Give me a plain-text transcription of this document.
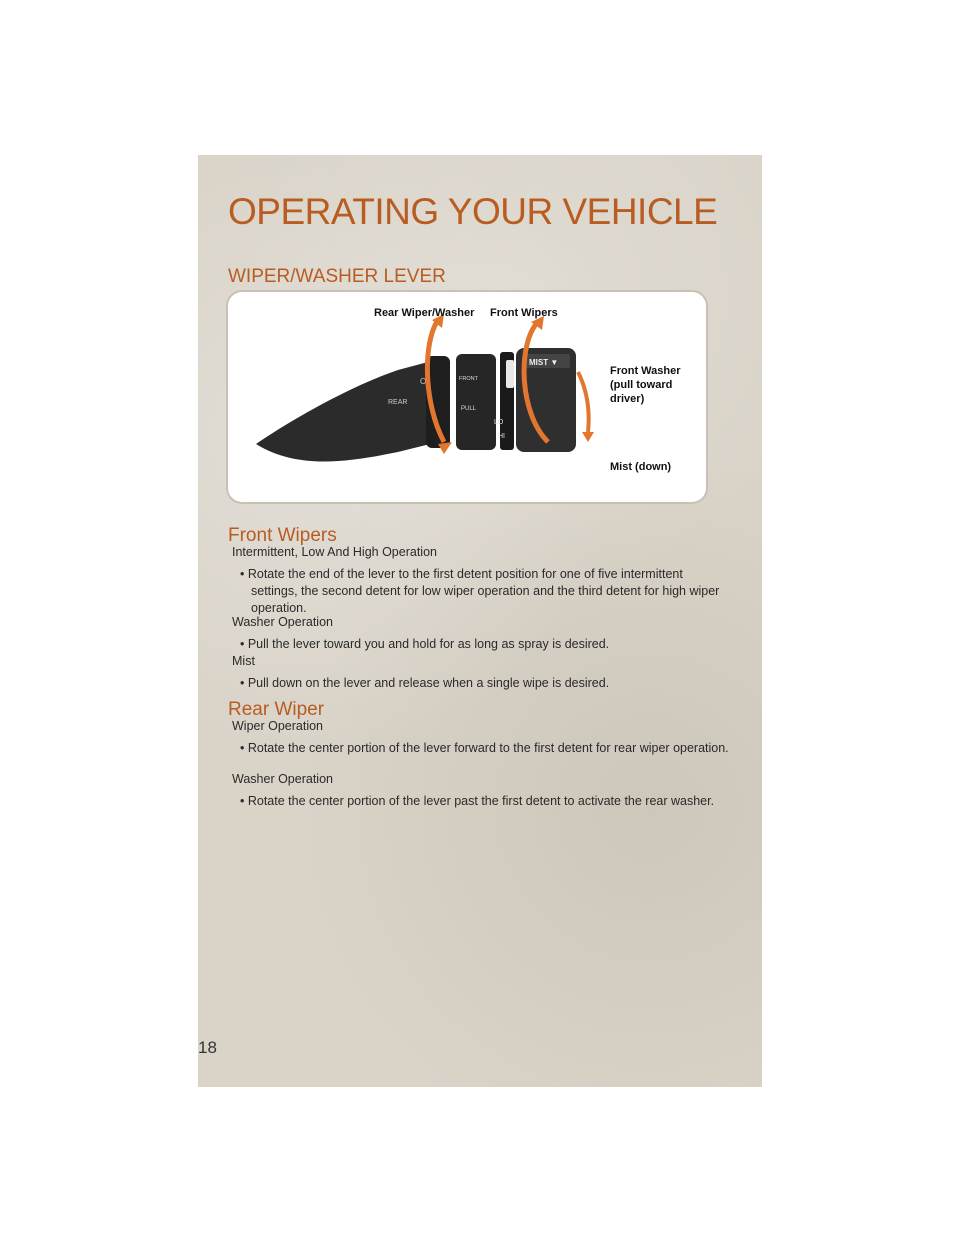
OPERATING YOUR VEHICLE
WIPER/WASHER LEVER
REAR
O	FRONT
PULL
LO
HI
MIST ▼
Rear Wiper/Washer Front Wipers
Front Washer
(pull toward
driver)
Mist (down)
Front Wipers
Intermittent, Low And High Operation
• Rotate the end of the lever to the first detent position for one of five intermittent settings, the second detent for low wiper operation and the third detent for high wiper operation.
Washer Operation
• Pull the lever toward you and hold for as long as spray is desired.
Mist
• Pull down on the lever and release when a single wipe is desired.
Rear Wiper
Wiper Operation
• Rotate the center portion of the lever forward to the first detent for rear wiper operation.
Washer Operation
• Rotate the center portion of the lever past the first detent to activate the rear washer.
18
